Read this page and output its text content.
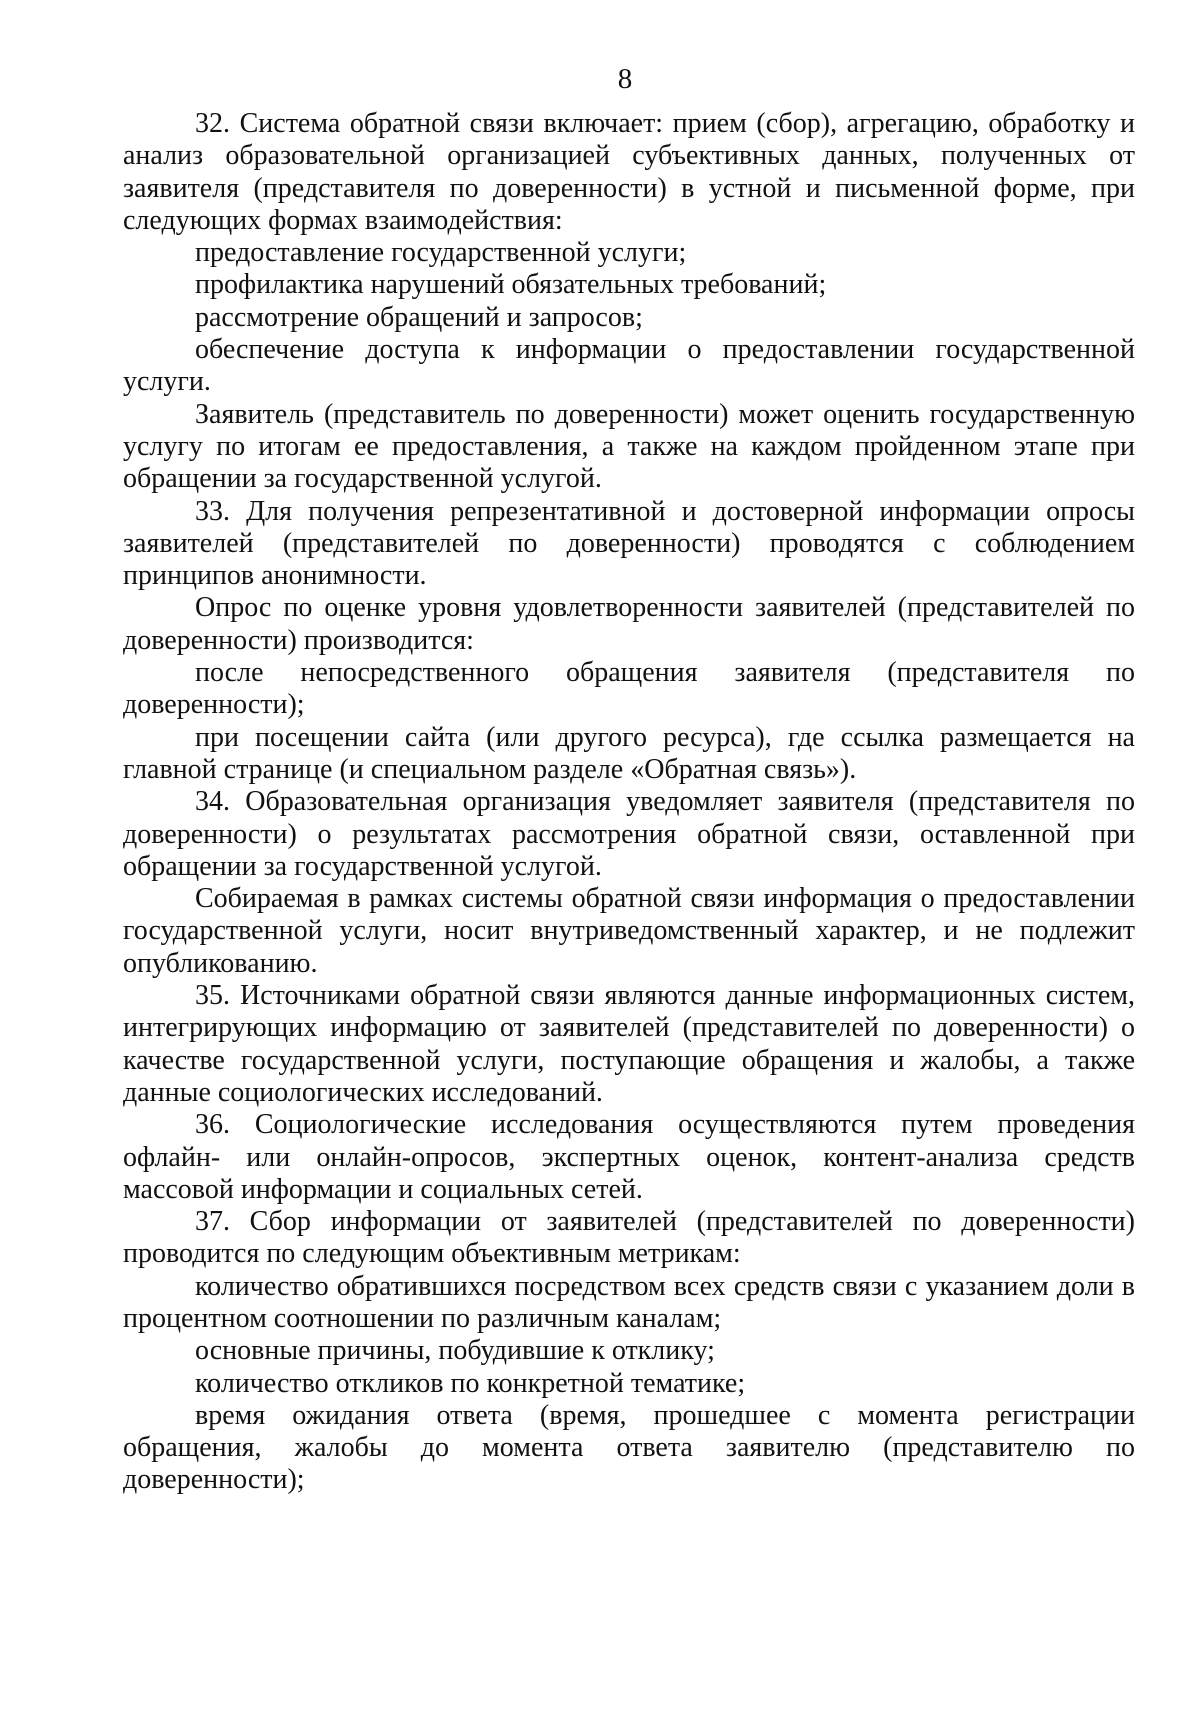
8

32. Система обратной связи включает: прием (сбор), агрегацию, обработку и анализ образовательной организацией субъективных данных, полученных от заявителя (представителя по доверенности) в устной и письменной форме, при следующих формах взаимодействия:

предоставление государственной услуги;

профилактика нарушений обязательных требований;

рассмотрение обращений и запросов;

обеспечение доступа к информации о предоставлении государственной услуги.

Заявитель (представитель по доверенности) может оценить государственную услугу по итогам ее предоставления, а также на каждом пройденном этапе при обращении за государственной услугой.

33. Для получения репрезентативной и достоверной информации опросы заявителей (представителей по доверенности) проводятся с соблюдением принципов анонимности.

Опрос по оценке уровня удовлетворенности заявителей (представителей по доверенности) производится:

после непосредственного обращения заявителя (представителя по доверенности);

при посещении сайта (или другого ресурса), где ссылка размещается на главной странице (и специальном разделе «Обратная связь»).

34. Образовательная организация уведомляет заявителя (представителя по доверенности) о результатах рассмотрения обратной связи, оставленной при обращении за государственной услугой.

Собираемая в рамках системы обратной связи информация о предоставлении государственной услуги, носит внутриведомственный характер, и не подлежит опубликованию.

35. Источниками обратной связи являются данные информационных систем, интегрирующих информацию от заявителей (представителей по доверенности) о качестве государственной услуги, поступающие обращения и жалобы, а также данные социологических исследований.

36. Социологические исследования осуществляются путем проведения офлайн- или онлайн-опросов, экспертных оценок, контент-анализа средств массовой информации и социальных сетей.

37. Сбор информации от заявителей (представителей по доверенности) проводится по следующим объективным метрикам:

количество обратившихся посредством всех средств связи с указанием доли в процентном соотношении по различным каналам;

основные причины, побудившие к отклику;

количество откликов по конкретной тематике;

время ожидания ответа (время, прошедшее с момента регистрации обращения, жалобы до момента ответа заявителю (представителю по доверенности);
